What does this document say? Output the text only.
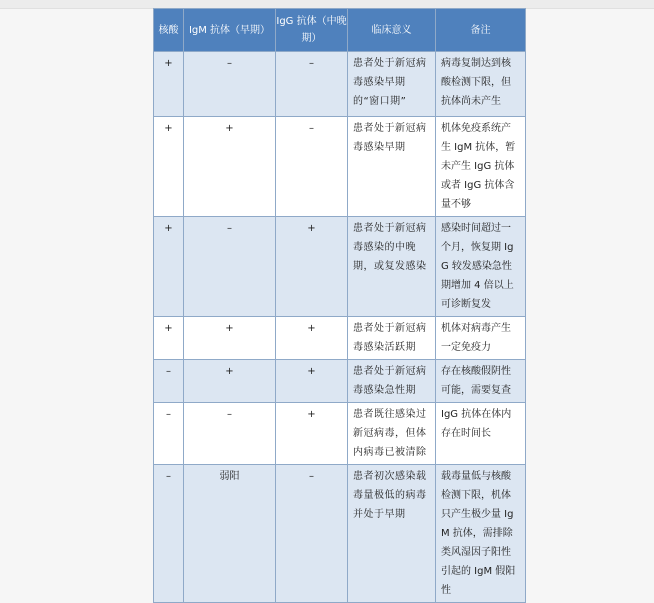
核酸	IgM 抗体（早期）	IgG 抗体（中晚期）	临床意义	备注
+	–	–	患者处于新冠病毒感染早期的“窗口期”	病毒复制达到核酸检测下限，但抗体尚未产生
+	+	–	患者处于新冠病毒感染早期	机体免疫系统产生 IgM 抗体，暂未产生 IgG 抗体或者 IgG 抗体含量不够
+	–	+	患者处于新冠病毒感染的中晚期，或复发感染	感染时间超过一个月，恢复期 IgG 较发感染急性期增加 4 倍以上可诊断复发
+	+	+	患者处于新冠病毒感染活跃期	机体对病毒产生一定免疫力
–	+	+	患者处于新冠病毒感染急性期	存在核酸假阴性可能，需要复查
–	–	+	患者既往感染过新冠病毒，但体内病毒已被清除	IgG 抗体在体内存在时间长
–	弱阳	–	患者初次感染载毒量极低的病毒并处于早期	载毒量低与核酸检测下限，机体只产生极少量 IgM 抗体，需排除类风湿因子阳性引起的 IgM 假阳性
